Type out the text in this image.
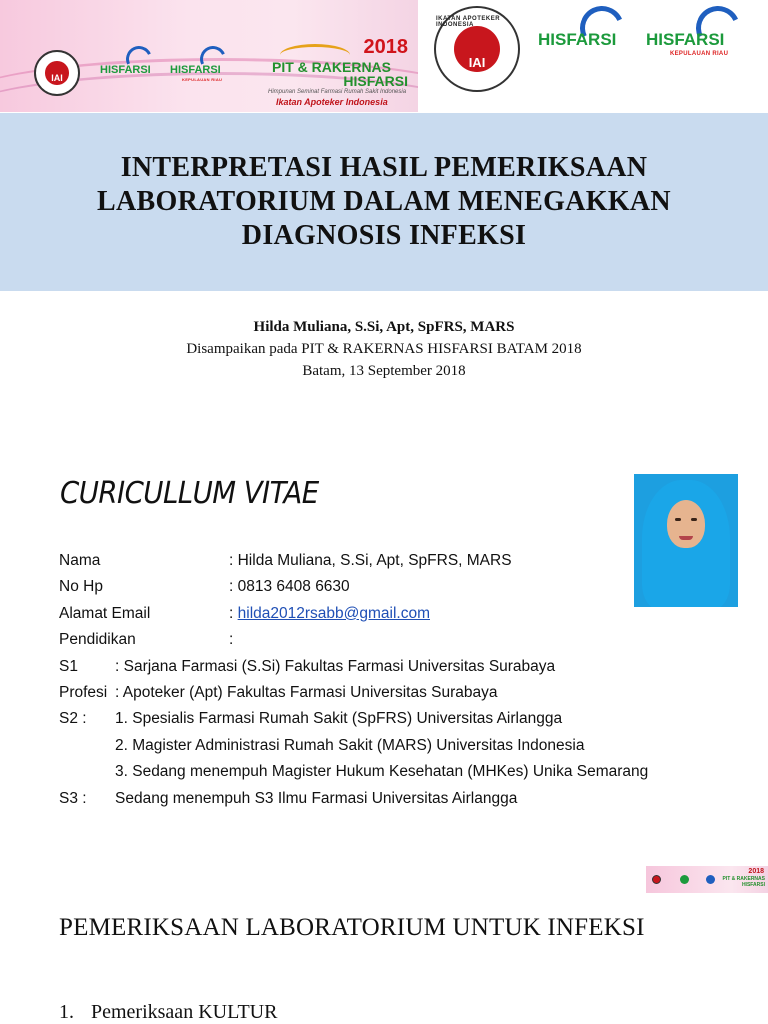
IAI
HISFARSI HISFARSI
KEPULAUAN RIAU
2018
PIT & RAKERNAS
HISFARSI
Himpunan Seminat Farmasi Rumah Sakit Indonesia
Ikatan Apoteker Indonesia
IKATAN APOTEKER INDONESIA
IAI
HISFARSI HISFARSI
KEPULAUAN RIAU
INTERPRETASI HASIL PEMERIKSAAN
LABORATORIUM DALAM MENEGAKKAN
DIAGNOSIS INFEKSI
Hilda Muliana, S.Si, Apt, SpFRS, MARS
Disampaikan pada PIT & RAKERNAS HISFARSI BATAM 2018
Batam, 13 September 2018
CURICULLUM VITAE
Nama	: Hilda Muliana, S.Si, Apt, SpFRS, MARS
No Hp	: 0813 6408 6630
Alamat Email	: hilda2012rsabb@gmail.com
Pendidikan	:
S1 : Sarjana Farmasi (S.Si) Fakultas Farmasi Universitas Surabaya
Profesi : Apoteker (Apt) Fakultas Farmasi Universitas Surabaya
S2 : 1. Spesialis Farmasi Rumah Sakit (SpFRS) Universitas Airlangga
2. Magister Administrasi Rumah Sakit (MARS) Universitas Indonesia
3. Sedang menempuh Magister Hukum Kesehatan (MHKes) Unika Semarang
S3 : Sedang menempuh S3 Ilmu Farmasi Universitas Airlangga
2018
PIT & RAKERNAS
HISFARSI
PEMERIKSAAN LABORATORIUM UNTUK INFEKSI
1. Pemeriksaan KULTUR
